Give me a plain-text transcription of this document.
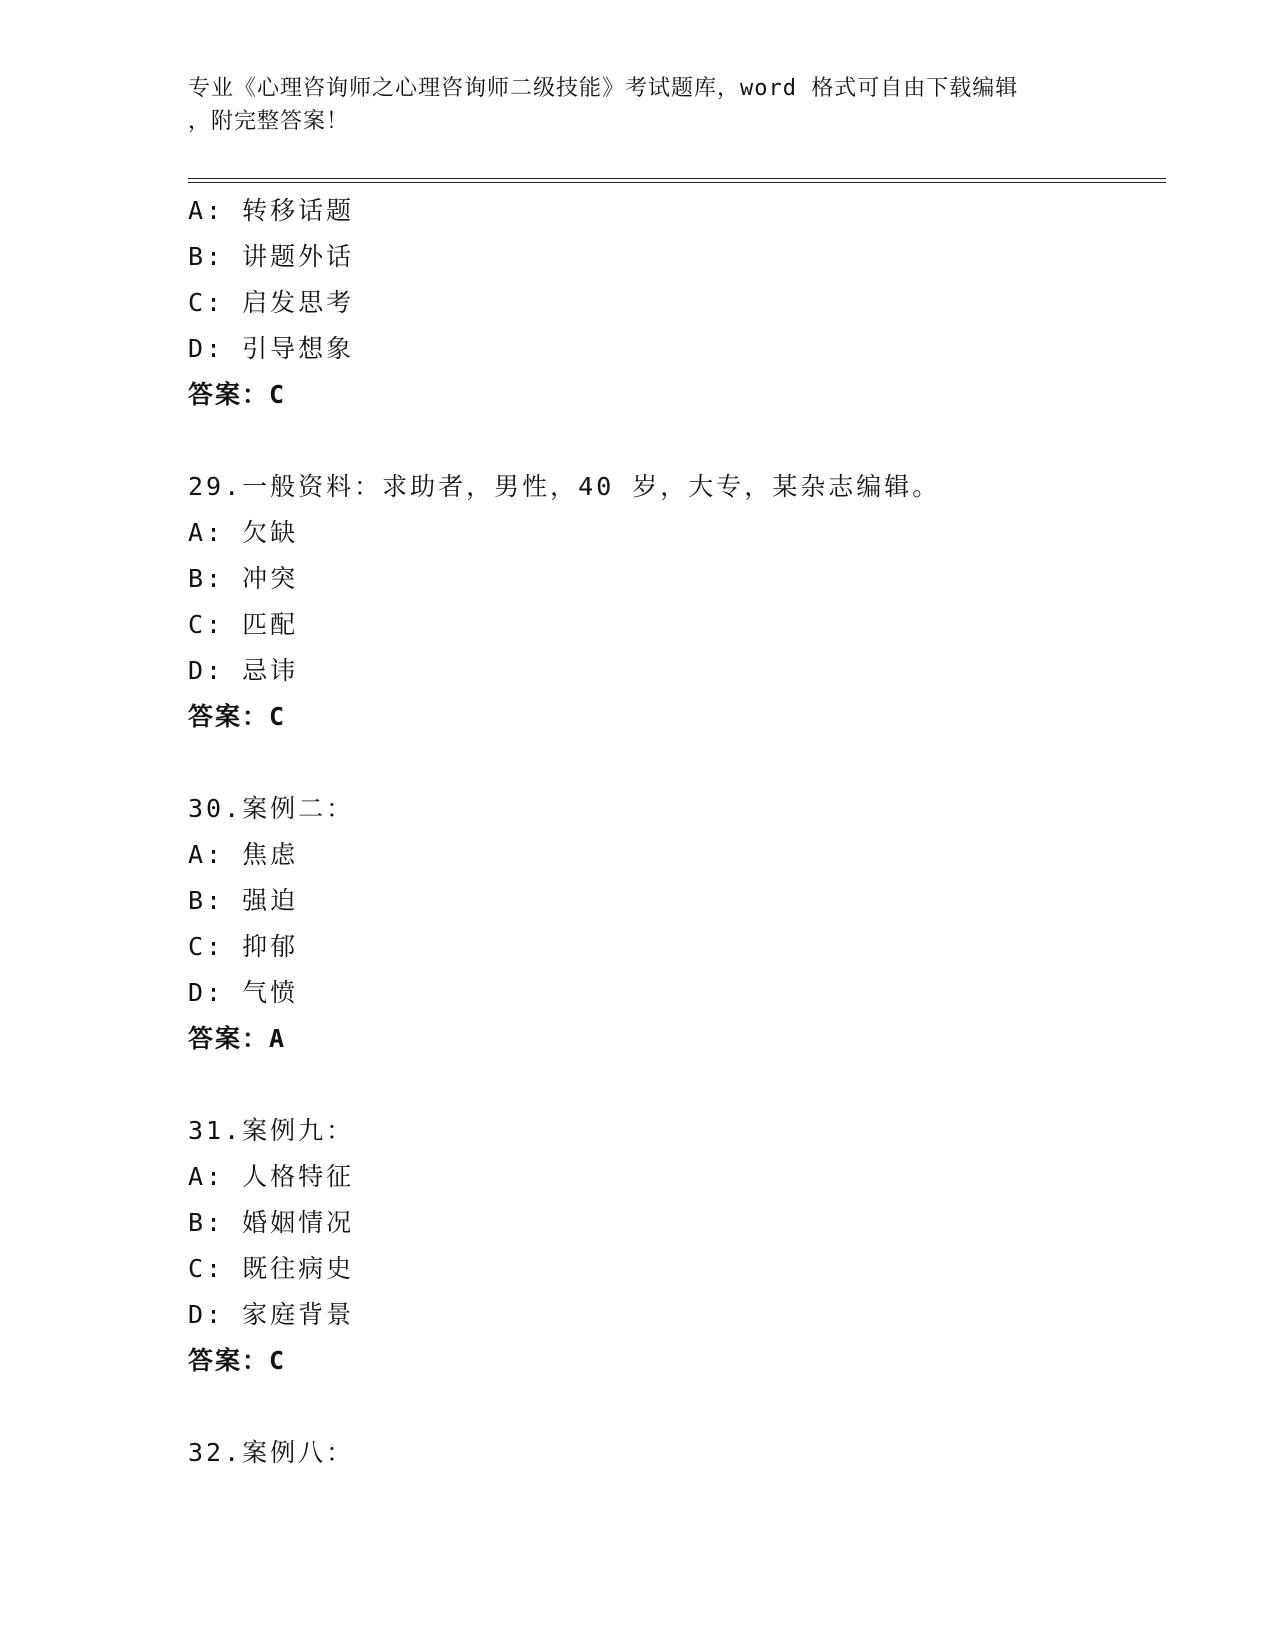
专业《心理咨询师之心理咨询师二级技能》考试题库，word 格式可自由下载编辑

，附完整答案！

A: 转移话题
B: 讲题外话
C: 启发思考
D: 引导想象
答案：C
29.一般资料：求助者，男性，40 岁，大专，某杂志编辑。
A: 欠缺
B: 冲突
C: 匹配
D: 忌讳
答案：C
30.案例二：
A: 焦虑
B: 强迫
C: 抑郁
D: 气愤
答案：A
31.案例九：
A: 人格特征
B: 婚姻情况
C: 既往病史
D: 家庭背景
答案：C
32.案例八：
